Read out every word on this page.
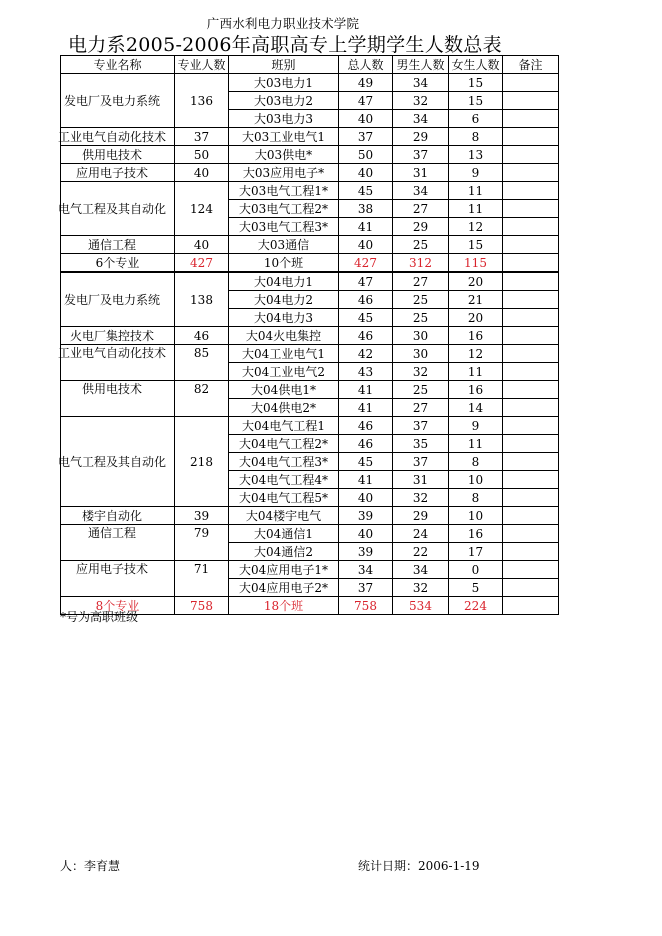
广西水利电力职业技术学院
电力系2005-2006年高职高专上学期学生人数总表
专业名称	专业人数	班别	总人数	男生人数	女生人数	备注

发电厂及电力系统	136	大03电力1	49	34	15	
		大03电力2	47	32	15	
		大03电力3	40	34	6	

工业电气自动化技术	37	大03工业电气1	37	29	8	

供用电技术	50	大03供电*	50	37	13	

应用电子技术	40	大03应用电子*	40	31	9	

电气工程及其自动化	124	大03电气工程1*	45	34	11	
		大03电气工程2*	38	27	11	
		大03电气工程3*	41	29	12	

通信工程	40	大03通信	40	25	15	
6个专业	427	10个班	427	312	115	

发电厂及电力系统	138	大04电力1	47	27	20	
		大04电力2	46	25	21	
		大04电力3	45	25	20	

火电厂集控技术	46	大04火电集控	46	30	16	

工业电气自动化技术	85	大04工业电气1	42	30	12	
		大04工业电气2	43	32	11	

供用电技术	82	大04供电1*	41	25	16	
		大04供电2*	41	27	14	

电气工程及其自动化	218	大04电气工程1	46	37	9	
		大04电气工程2*	46	35	11	
		大04电气工程3*	45	37	8	
		大04电气工程4*	41	31	10	
		大04电气工程5*	40	32	8	

楼宇自动化	39	大04楼宇电气	39	29	10	

通信工程	79	大04通信1	40	24	16	
		大04通信2	39	22	17	

应用电子技术	71	大04应用电子1*	34	34	0	
		大04应用电子2*	37	32	5	
8个专业	758	18个班	758	534	224	
*号为高职班级
人：李育慧	统计日期：2006-1-19
